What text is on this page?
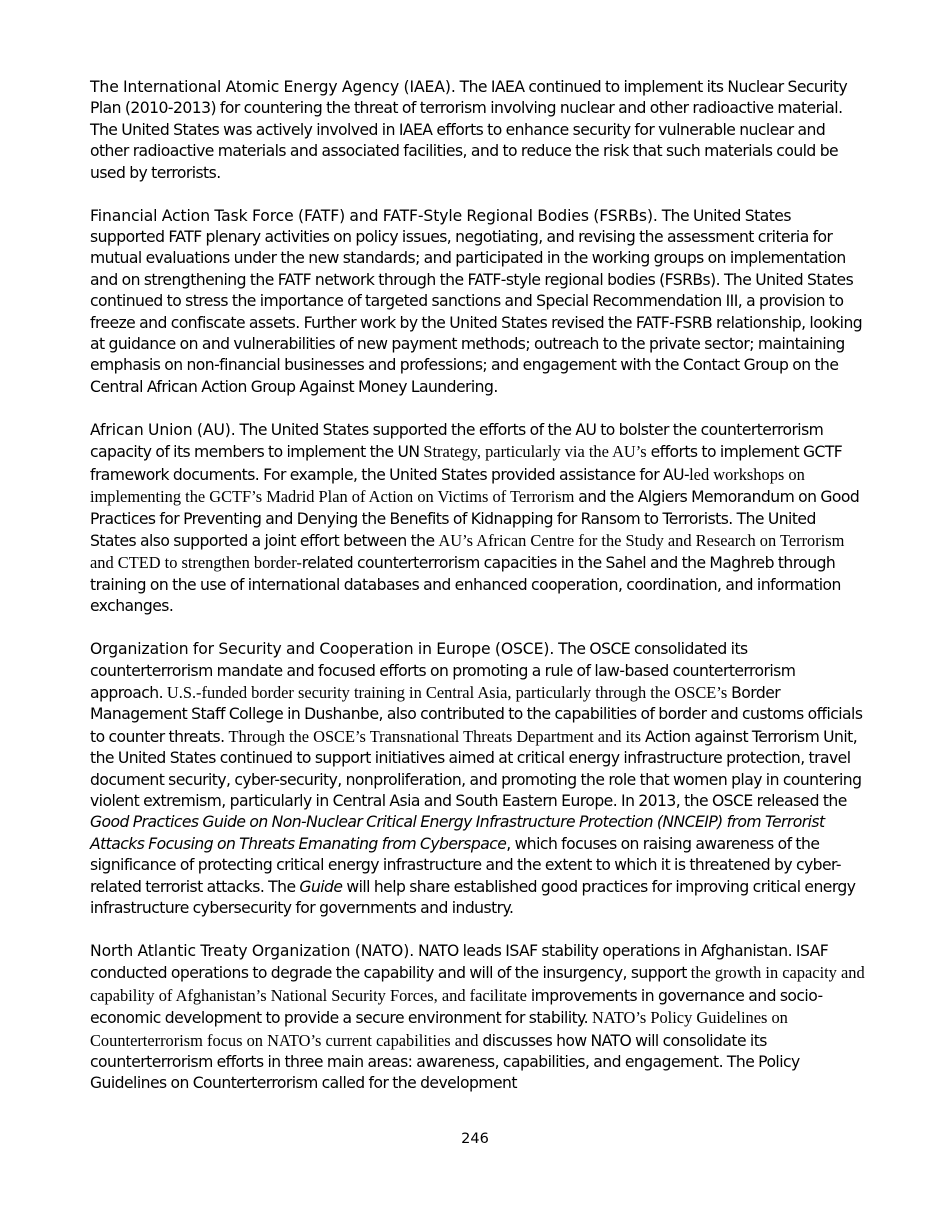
The International Atomic Energy Agency (IAEA). The IAEA continued to implement its Nuclear Security Plan (2010-2013) for countering the threat of terrorism involving nuclear and other radioactive material. The United States was actively involved in IAEA efforts to enhance security for vulnerable nuclear and other radioactive materials and associated facilities, and to reduce the risk that such materials could be used by terrorists.

Financial Action Task Force (FATF) and FATF-Style Regional Bodies (FSRBs). The United States supported FATF plenary activities on policy issues, negotiating, and revising the assessment criteria for mutual evaluations under the new standards; and participated in the working groups on implementation and on strengthening the FATF network through the FATF-style regional bodies (FSRBs). The United States continued to stress the importance of targeted sanctions and Special Recommendation III, a provision to freeze and confiscate assets. Further work by the United States revised the FATF-FSRB relationship, looking at guidance on and vulnerabilities of new payment methods; outreach to the private sector; maintaining emphasis on non-financial businesses and professions; and engagement with the Contact Group on the Central African Action Group Against Money Laundering.

African Union (AU). The United States supported the efforts of the AU to bolster the counterterrorism capacity of its members to implement the UN Strategy, particularly via the AU’s efforts to implement GCTF framework documents. For example, the United States provided assistance for AU-led workshops on implementing the GCTF’s Madrid Plan of Action on Victims of Terrorism and the Algiers Memorandum on Good Practices for Preventing and Denying the Benefits of Kidnapping for Ransom to Terrorists. The United States also supported a joint effort between the AU’s African Centre for the Study and Research on Terrorism and CTED to strengthen border-related counterterrorism capacities in the Sahel and the Maghreb through training on the use of international databases and enhanced cooperation, coordination, and information exchanges.

Organization for Security and Cooperation in Europe (OSCE). The OSCE consolidated its counterterrorism mandate and focused efforts on promoting a rule of law-based counterterrorism approach. U.S.-funded border security training in Central Asia, particularly through the OSCE’s Border Management Staff College in Dushanbe, also contributed to the capabilities of border and customs officials to counter threats. Through the OSCE’s Transnational Threats Department and its Action against Terrorism Unit, the United States continued to support initiatives aimed at critical energy infrastructure protection, travel document security, cyber-security, nonproliferation, and promoting the role that women play in countering violent extremism, particularly in Central Asia and South Eastern Europe. In 2013, the OSCE released the Good Practices Guide on Non-Nuclear Critical Energy Infrastructure Protection (NNCEIP) from Terrorist Attacks Focusing on Threats Emanating from Cyberspace, which focuses on raising awareness of the significance of protecting critical energy infrastructure and the extent to which it is threatened by cyber-related terrorist attacks. The Guide will help share established good practices for improving critical energy infrastructure cybersecurity for governments and industry.

North Atlantic Treaty Organization (NATO). NATO leads ISAF stability operations in Afghanistan. ISAF conducted operations to degrade the capability and will of the insurgency, support the growth in capacity and capability of Afghanistan’s National Security Forces, and facilitate improvements in governance and socio-economic development to provide a secure environment for stability. NATO’s Policy Guidelines on Counterterrorism focus on NATO’s current capabilities and discusses how NATO will consolidate its counterterrorism efforts in three main areas: awareness, capabilities, and engagement. The Policy Guidelines on Counterterrorism called for the development

246
